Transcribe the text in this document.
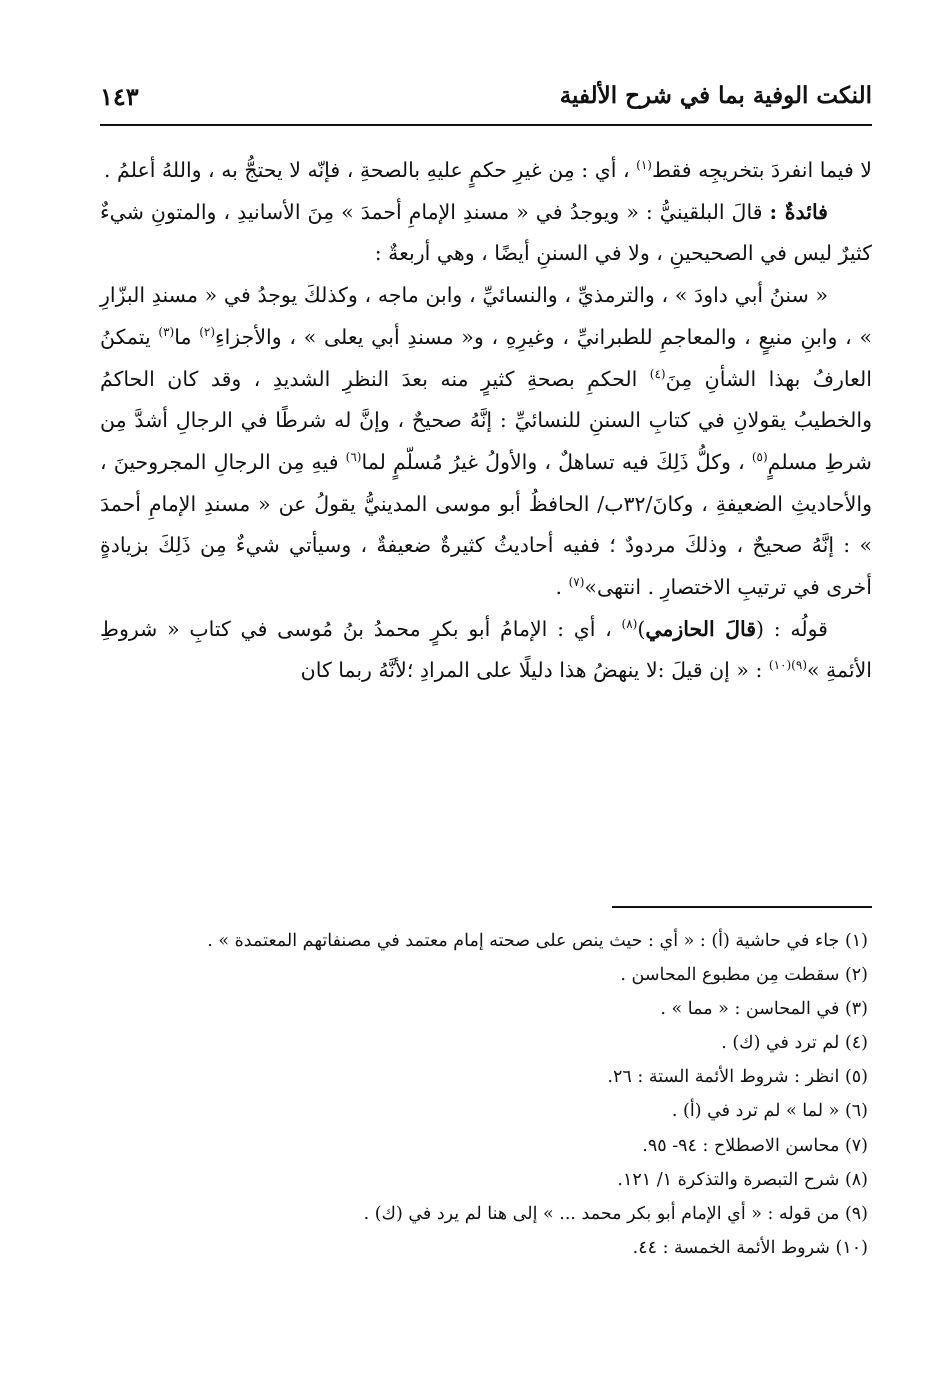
النكت الوفية بما في شرح الألفية
١٤٣

لا فيما انفردَ بتخريجِه فقط$^{(١)}$ ، أي : مِن غيرِ حكمٍ عليهِ بالصحةِ ، فإنّه لا يحتجُّ به ، واللهُ أعلمُ .

فائدةٌ : قالَ البلقينيُّ : « ويوجدُ في « مسندِ الإمامِ أحمدَ » مِنَ الأسانيدِ ، والمتونِ شيءٌ كثيرٌ ليس في الصحيحينِ ، ولا في السننِ أيضًا ، وهي أربعةٌ :

« سننُ أبي داودَ » ، والترمذيِّ ، والنسائيِّ ، وابن ماجه ، وكذلكَ يوجدُ في « مسندِ البزّارِ » ، وابنِ منيعٍ ، والمعاجمِ للطبرانيِّ ، وغيرِهِ ، و« مسندِ أبي يعلى » ، والأجزاءِ$^{(٢)}$ ما$^{(٣)}$ يتمكنُ العارفُ بهذا الشأنِ مِنَ$^{(٤)}$ الحكمِ بصحةِ كثيرٍ منه بعدَ النظرِ الشديدِ ، وقد كان الحاكمُ والخطيبُ يقولانِ في كتابِ السننِ للنسائيِّ : إنَّهُ صحيحٌ ، وإنَّ له شرطًا في الرجالِ أشدَّ مِن شرطِ مسلمٍ$^{(٥)}$ ، وكلُّ ذَلِكَ فيه تساهلٌ ، والأولُ غيرُ مُسلّمٍ لما$^{(٦)}$ فيهِ مِن الرجالِ المجروحينَ ، والأحاديثِ الضعيفةِ ، وكانَ/٣٢ب/ الحافظُ أبو موسى المدينيُّ يقولُ عن « مسندِ الإمامِ أحمدَ » : إنَّهُ صحيحٌ ، وذلكَ مردودٌ ؛ ففيه أحاديثُ كثيرةٌ ضعيفةٌ ، وسيأتي شيءٌ مِن ذَلِكَ بزيادةٍ أخرى في ترتيبِ الاختصارِ . انتهى»$^{(٧)}$ .

قولُه : (قالَ الحازمي)$^{(٨)}$ ، أي : الإمامُ أبو بكرٍ محمدُ بنُ مُوسى في كتابِ « شروطِ الأئمةِ »$^{(٩)(١٠)}$ : « إن قيلَ :لا ينهضُ هذا دليلًا على المرادِ ؛لأنَّهُ ربما كان

(١) جاء في حاشية (أ) : « أي : حيث ينص على صحته إمام معتمد في مصنفاتهم المعتمدة » .
(٢) سقطت مِن مطبوع المحاسن .
(٣) في المحاسن : « مما » .
(٤) لم ترد في (ك) .
(٥) انظر : شروط الأئمة الستة : ٢٦.
(٦) « لما » لم ترد في (أ) .
(٧) محاسن الاصطلاح : ٩٤- ٩٥.
(٨) شرح التبصرة والتذكرة ١/ ١٢١.
(٩) من قوله : « أي الإمام أبو بكر محمد ... » إلى هنا لم يرد في (ك) .
(١٠) شروط الأئمة الخمسة : ٤٤.
